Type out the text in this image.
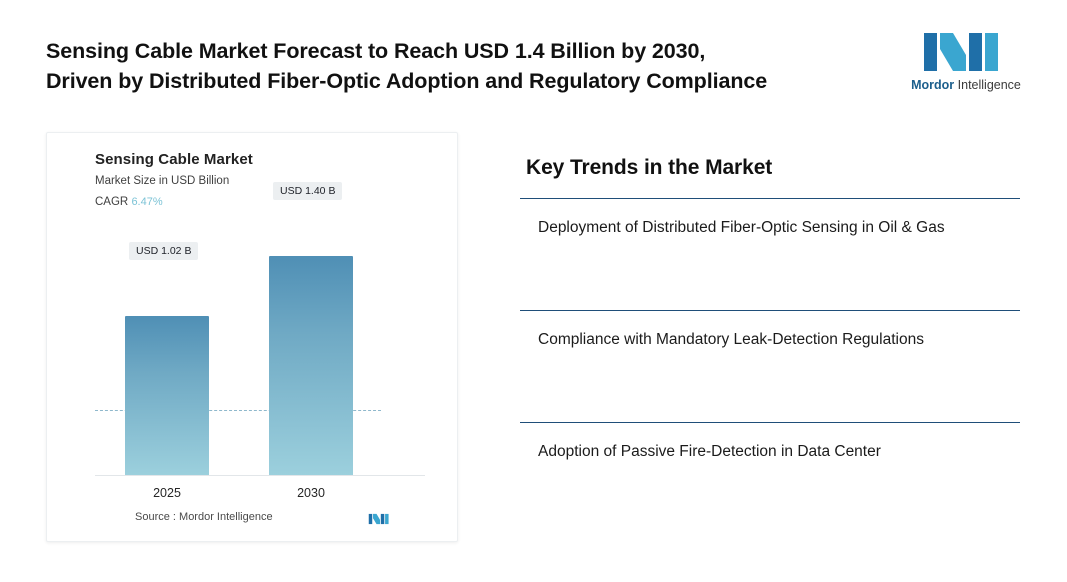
Sensing Cable Market Forecast to Reach USD 1.4 Billion by 2030,
Driven by Distributed Fiber-Optic Adoption and Regulatory Compliance	Mordor Intelligence
Sensing Cable Market
Market Size in USD Billion
CAGR 6.47%
USD 1.02 B
USD 1.40 B
2025	2030
Source : Mordor Intelligence
Key Trends in the Market
Deployment of Distributed Fiber-Optic Sensing in Oil & Gas
Compliance with Mandatory Leak-Detection Regulations
Adoption of Passive Fire-Detection in Data Center
